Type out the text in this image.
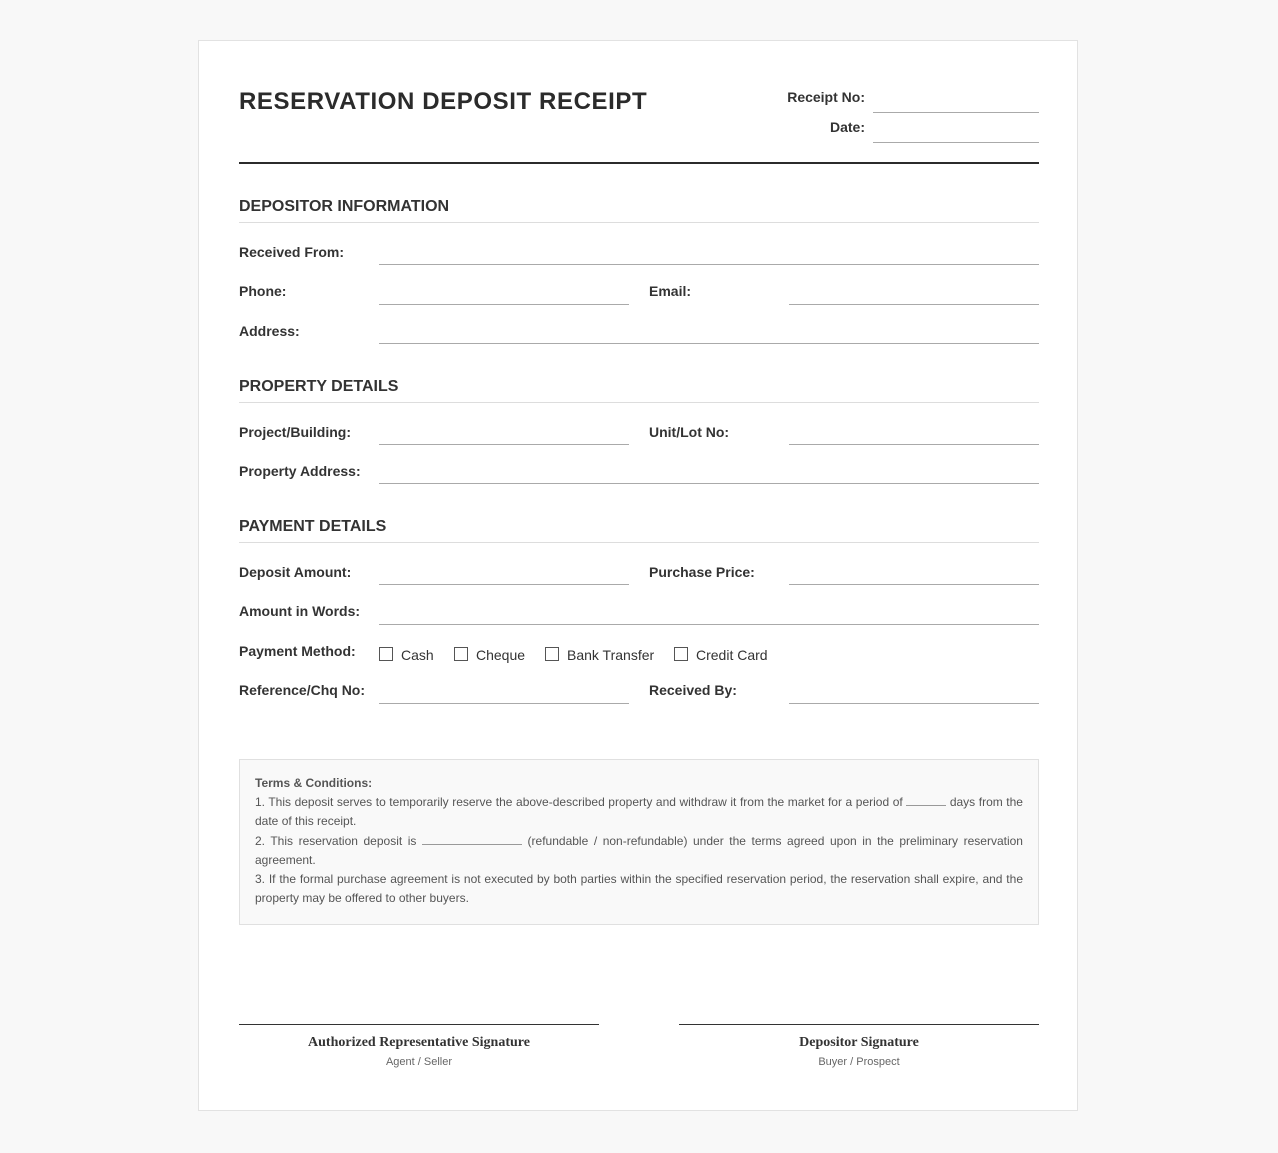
RESERVATION DEPOSIT RECEIPT	Receipt No:
Date:
DEPOSITOR INFORMATION
Received From:
Phone:	Email:
Address:
PROPERTY DETAILS
Project/Building:	Unit/Lot No:
Property Address:
PAYMENT DETAILS
Deposit Amount:	Purchase Price:
Amount in Words:
Payment Method:	Cash	Cheque	Bank Transfer	Credit Card
Reference/Chq No:	Received By:

Terms & Conditions:

1. This deposit serves to temporarily reserve the above-described property and withdraw it from the market for a period of	days from the date of this receipt.

2. This reservation deposit is	(refundable / non-refundable) under the terms agreed upon in the preliminary reservation agreement.

3. If the formal purchase agreement is not executed by both parties within the specified reservation period, the reservation shall expire, and the property may be offered to other buyers.

Authorized Representative Signature
Agent / Seller
Depositor Signature
Buyer / Prospect
